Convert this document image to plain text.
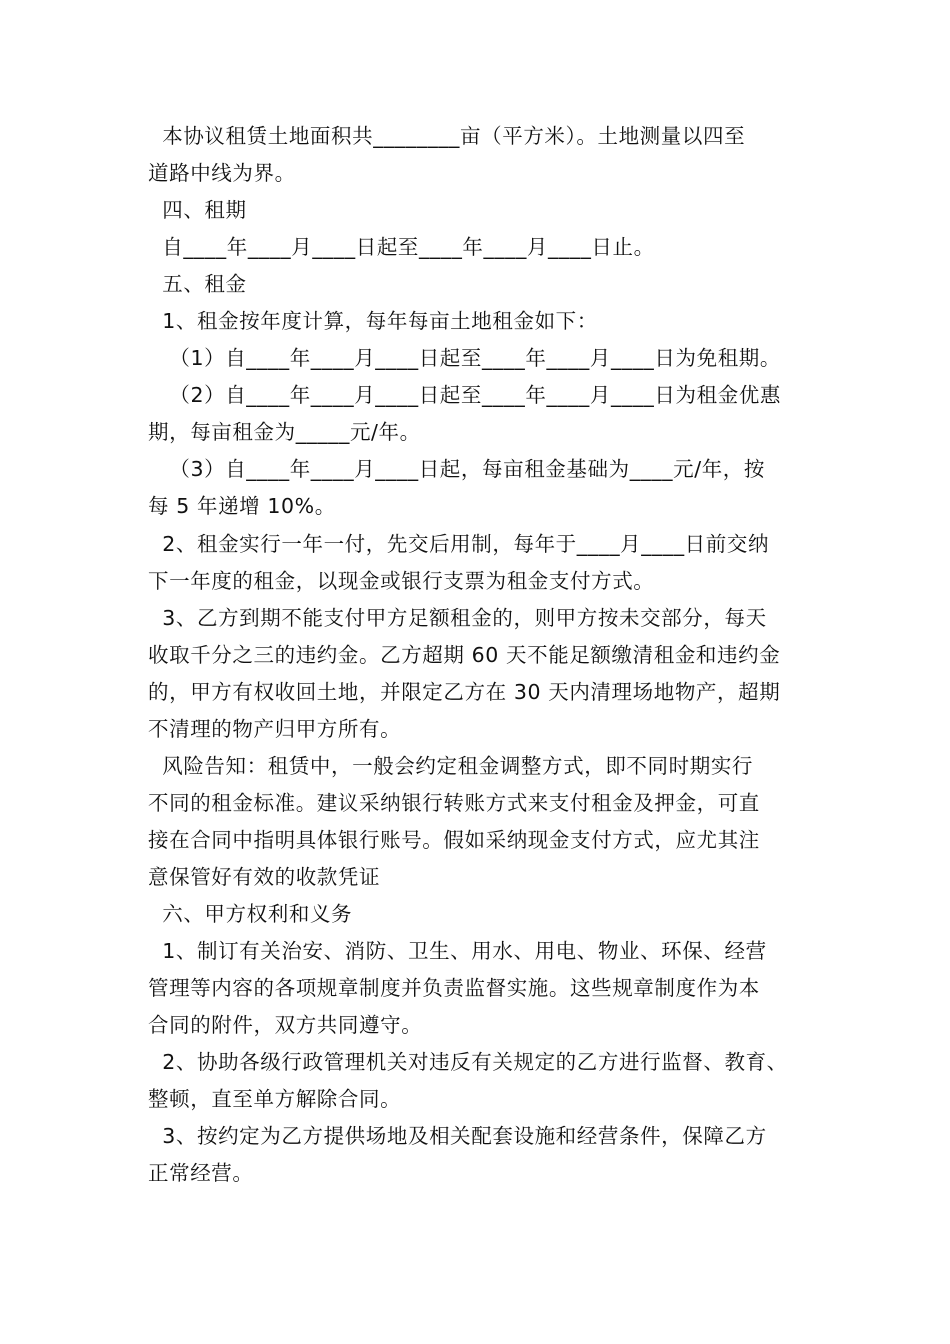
本协议租赁土地面积共________亩（平方米）。土地测量以四至
道路中线为界。
四、租期
自____年____月____日起至____年____月____日止。
五、租金
1、租金按年度计算，每年每亩土地租金如下：
（1）自____年____月____日起至____年____月____日为免租期。
（2）自____年____月____日起至____年____月____日为租金优惠
期，每亩租金为_____元/年。
（3）自____年____月____日起，每亩租金基础为____元/年，按
每 5 年递增 10%。
2、租金实行一年一付，先交后用制，每年于____月____日前交纳
下一年度的租金，以现金或银行支票为租金支付方式。
3、乙方到期不能支付甲方足额租金的，则甲方按未交部分，每天
收取千分之三的违约金。乙方超期 60 天不能足额缴清租金和违约金
的，甲方有权收回土地，并限定乙方在 30 天内清理场地物产，超期
不清理的物产归甲方所有。
风险告知：租赁中，一般会约定租金调整方式，即不同时期实行
不同的租金标准。建议采纳银行转账方式来支付租金及押金，可直
接在合同中指明具体银行账号。假如采纳现金支付方式，应尤其注
意保管好有效的收款凭证
六、甲方权利和义务
1、制订有关治安、消防、卫生、用水、用电、物业、环保、经营
管理等内容的各项规章制度并负责监督实施。这些规章制度作为本
合同的附件，双方共同遵守。
2、协助各级行政管理机关对违反有关规定的乙方进行监督、教育、
整顿，直至单方解除合同。
3、按约定为乙方提供场地及相关配套设施和经营条件，保障乙方
正常经营。
